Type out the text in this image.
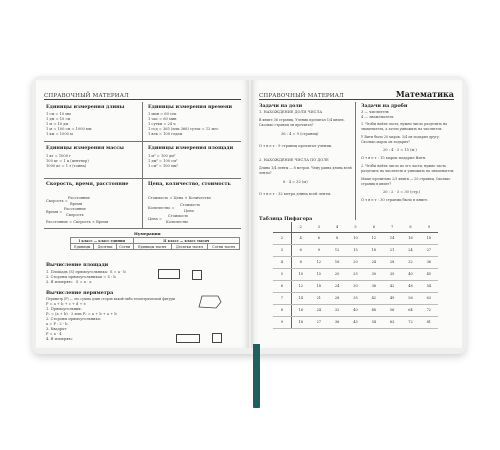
СПРАВОЧНЫЙ МАТЕРИАЛ
Единицы измерения длины
1 см = 10 мм
1 дм = 10 см
1 м = 10 дм
1 м = 100 см = 1000 мм
1 км = 1000 м
Единицы измерения времени
1 мин = 60 сек
1 час = 60 мин
1 сутки = 24 ч
1 год = 365 (или 366) суток = 12 мес
1 век = 100 годам
Единицы измерения массы
1 кг = 1000 г
100 кг = 1 ц (центнер)
1000 кг = 1 т (тонна)
Единицы измерения площади
1 м² = 100 дм²
1 дм² = 100 см²
1 см² = 100 мм²
Скорость, время, расстояние
Скорость =
Расстояние
Время
Время =
Расстояние
Скорость
Расстояние = Скорость × Время
Цена, количество, стоимость
Стоимость = Цена × Количество
Количество =
Стоимость
Цена
Цена =
Стоимость
Количество
Нумерация
I класс — класс единиц			II класс — класс тысяч		
Единицы	Десятки	Сотни	Единицы тысяч	Десятки тысяч	Сотни тысяч
Вычисление площади
1. Площадь (S) прямоугольника: S = a · b
2. Стороны прямоугольника:
a = S : b
3. Я измеряю: S = a · a
Вычисление периметра
Периметр (P) — это сумма длин сторон какой-либо геометрической фигуры
P = a + b + c + d + e
1. Прямоугольник:
P₁ = (a + b) · 2 или P₂ = a + b + a + b
2. Стороны прямоугольника:
a = P : 2 - b
3. Квадрат:
P = a · 4
4. Я измеряю:
СПРАВОЧНЫЙ МАТЕРИАЛ	Математика
Задачи на доли
1. НАХОЖДЕНИЕ ДОЛИ ЧИСЛА
В книге 36 страниц. Ученик прочитал 1/4 книги. Сколько страниц он прочитал?
36 : 4 = 9 (страниц)
О т в е т : 9 страниц прочитал ученик.
2. НАХОЖДЕНИЕ ЧИСЛА ПО ДОЛЕ
Длина 1/4 ленты — 8 метров. Чему равна длина всей ленты?
8 · 4 = 32 (м)
О т в е т : 32 метра длина всей ленты.
Задачи на дроби
3 — числитель
4 — знаменатель
1. Чтобы найти часть, нужно число разделить на знаменатель, а затем умножить на числитель
У Вити было 20 марок. 3/4 он подарил другу. Сколько марок он подарил?
20 : 4 · 3 = 15 (м.)
О т в е т : 15 марок подарил Витя.
2. Чтобы найти число по его части, нужно часть разделить на числитель и умножить на знаменатель
Маше прочитано 2/3 книги — 20 страниц. Сколько страниц в книге?
20 : 2 · 3 = 30 (стр.)
О т в е т : 30 страниц было в книге.
Таблица Пифагора
	2	3	4	5	6	7	8	9
2	4	6	8	10	12	14	16	18
3	6	9	12	15	18	21	24	27
4	8	12	16	20	24	28	32	36
5	10	15	20	25	30	35	40	45
6	12	18	24	30	36	42	48	54
7	14	21	28	35	42	49	56	63
8	16	24	32	40	48	56	64	72
9	18	27	36	45	54	63	72	81
